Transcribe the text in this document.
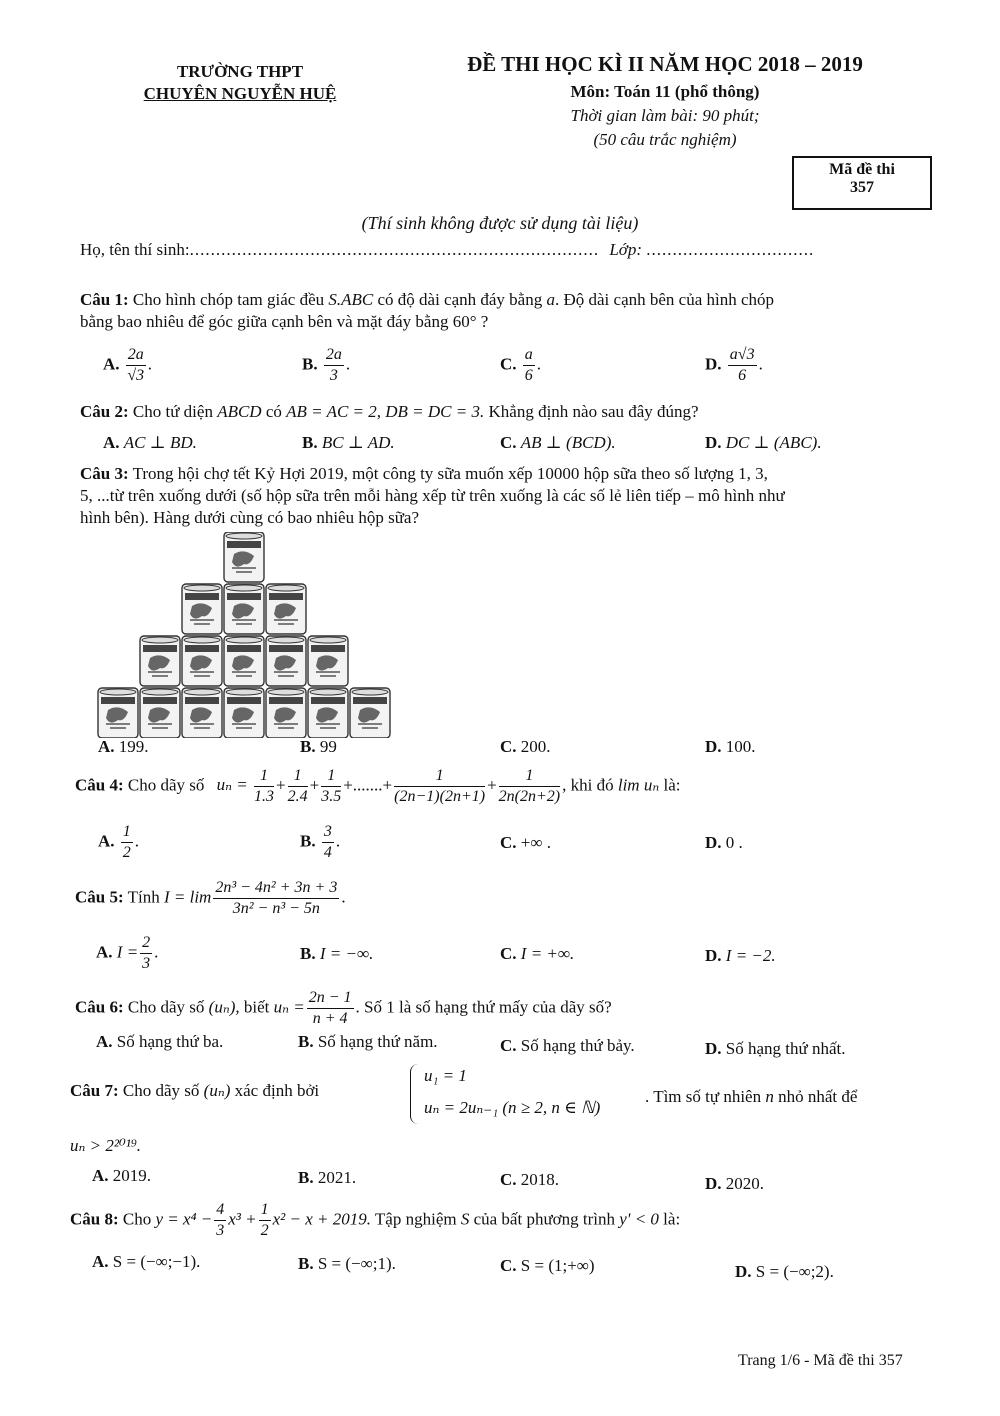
TRƯỜNG THPT
CHUYÊN NGUYỄN HUỆ
ĐỀ THI HỌC KÌ II NĂM HỌC 2018 – 2019
Môn: Toán 11 (phổ thông)
Thời gian làm bài: 90 phút;
(50 câu trắc nghiệm)
Mã đề thi
357
(Thí sinh không được sử dụng tài liệu)
Họ, tên thí sinh:.............................................................................. Lớp: ................................
Câu 1: Cho hình chóp tam giác đều S.ABC có độ dài cạnh đáy bằng a. Độ dài cạnh bên của hình chóp
bằng bao nhiêu để góc giữa cạnh bên và mặt đáy bằng 60° ?
A. $\frac{2a}{√3}$ .	B. $\frac{2a}{3}$ .	C. $\frac{a}{6}$ .	D. $\frac{a√3}{6}$ .
Câu 2: Cho tứ diện ABCD có AB = AC = 2, DB = DC = 3. Khẳng định nào sau đây đúng?
A. AC ⊥ BD.	B. BC ⊥ AD.	C. AB ⊥ (BCD).	D. DC ⊥ (ABC).
Câu 3: Trong hội chợ tết Kỷ Hợi 2019, một công ty sữa muốn xếp 10000 hộp sữa theo số lượng 1, 3,
5, ...từ trên xuống dưới (số hộp sữa trên mỗi hàng xếp từ trên xuống là các số lẻ liên tiếp – mô hình như
hình bên). Hàng dưới cùng có bao nhiêu hộp sữa?
A. 199.	B. 99	C. 200.	D. 100.
Câu 4: Cho dãy số $u_n = \frac{1}{1.3} + \frac{1}{2.4} + \frac{1}{3.5}$ +.......+ $\frac{1}{(2n-1)(2n+1)} + \frac{1}{2n(2n+2)}$ , khi đó lim uₙ là:
A. $\frac{1}{2}$ .	B. $\frac{3}{4}$ .	C. +∞ .	D. 0 .
Câu 5: Tính $I = \lim \frac{\text{2n³ − 4n² + 3n + 3}}{\text{3n² − n³ − 5n}}$ .
A. $I = \frac{2}{3}$ .	B. I = −∞.	C. I = +∞.	D. I = −2.
Câu 6: Cho dãy số (uₙ), biết $u_n = \frac{2n - 1}{n + 4}$ . Số 1 là số hạng thứ mấy của dãy số?
A. Số hạng thứ ba.	B. Số hạng thứ năm.	C. Số hạng thứ bảy.	D. Số hạng thứ nhất.
Câu 7: Cho dãy số (uₙ) xác định bởi
u₁ = 1
uₙ = 2uₙ₋₁ (n ≥ 2, n ∈ ℕ)
. Tìm số tự nhiên n nhỏ nhất để
uₙ > 2²⁰¹⁹.
A. 2019.	B. 2021.	C. 2018.	D. 2020.
Câu 8: Cho $y = x^4 - \frac{4}{3} x^3 + \frac{1}{2} x^2 - x + 2019$. Tập nghiệm S của bất phương trình y' < 0 là:
A. S = (−∞;−1).	B. S = (−∞;1).	C. S = (1;+∞)	D. S = (−∞;2).
Trang 1/6 - Mã đề thi 357
